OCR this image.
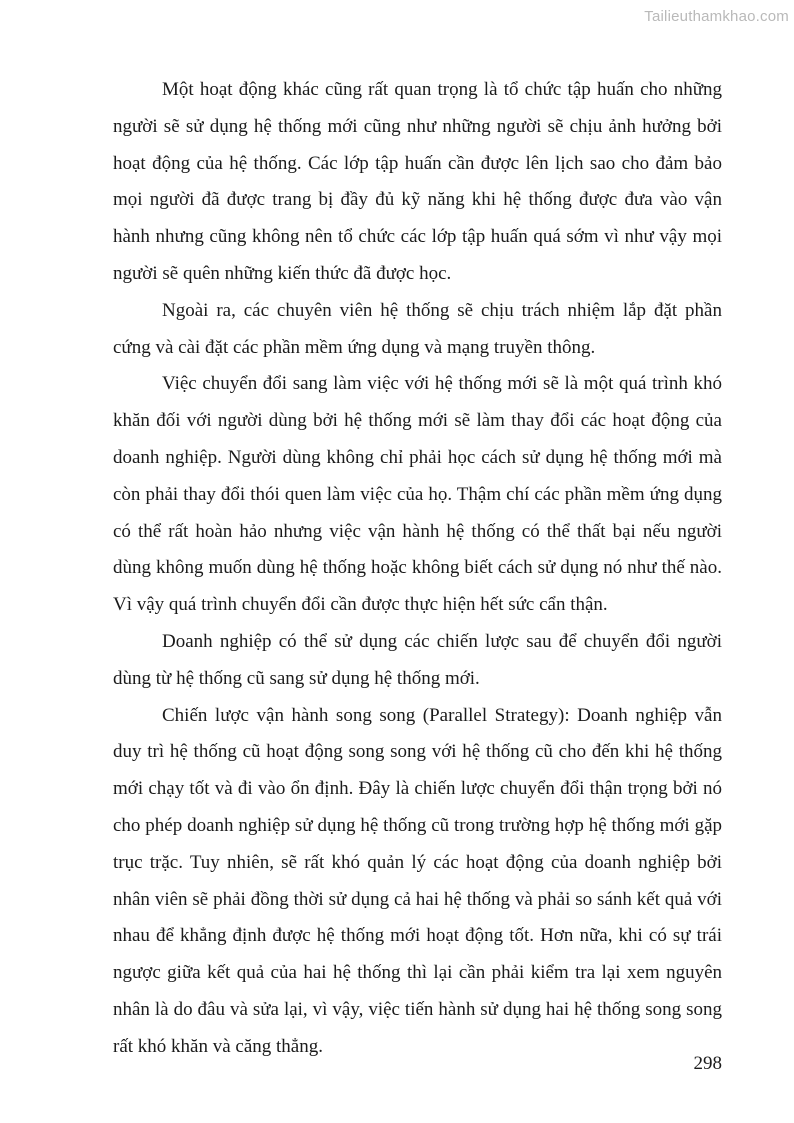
Tailieuthamkhao.com

Một hoạt động khác cũng rất quan trọng là tổ chức tập huấn cho những người sẽ sử dụng hệ thống mới cũng như những người sẽ chịu ảnh hưởng bởi hoạt động của hệ thống. Các lớp tập huấn cần được lên lịch sao cho đảm bảo mọi người đã được trang bị đầy đủ kỹ năng khi hệ thống được đưa vào vận hành nhưng cũng không nên tổ chức các lớp tập huấn quá sớm vì như vậy mọi người sẽ quên những kiến thức đã được học.

Ngoài ra, các chuyên viên hệ thống sẽ chịu trách nhiệm lắp đặt phần cứng và cài đặt các phần mềm ứng dụng và mạng truyền thông.

Việc chuyển đổi sang làm việc với hệ thống mới sẽ là một quá trình khó khăn đối với người dùng bởi hệ thống mới sẽ làm thay đổi các hoạt động của doanh nghiệp. Người dùng không chỉ phải học cách sử dụng hệ thống mới mà còn phải thay đổi thói quen làm việc của họ. Thậm chí các phần mềm ứng dụng có thể rất hoàn hảo nhưng việc vận hành hệ thống có thể thất bại nếu người dùng không muốn dùng hệ thống hoặc không biết cách sử dụng nó như thế nào. Vì vậy quá trình chuyển đổi cần được thực hiện hết sức cẩn thận.

Doanh nghiệp có thể sử dụng các chiến lược sau để chuyển đổi người dùng từ hệ thống cũ sang sử dụng hệ thống mới.

Chiến lược vận hành song song (Parallel Strategy): Doanh nghiệp vẫn duy trì hệ thống cũ hoạt động song song với hệ thống cũ cho đến khi hệ thống mới chạy tốt và đi vào ổn định. Đây là chiến lược chuyển đổi thận trọng bởi nó cho phép doanh nghiệp sử dụng hệ thống cũ trong trường hợp hệ thống mới gặp trục trặc. Tuy nhiên, sẽ rất khó quản lý các hoạt động của doanh nghiệp bởi nhân viên sẽ phải đồng thời sử dụng cả hai hệ thống và phải so sánh kết quả với nhau để khẳng định được hệ thống mới hoạt động tốt. Hơn nữa, khi có sự trái ngược giữa kết quả của hai hệ thống thì lại cần phải kiểm tra lại xem nguyên nhân là do đâu và sửa lại, vì vậy, việc tiến hành sử dụng hai hệ thống song song rất khó khăn và căng thẳng.

298
